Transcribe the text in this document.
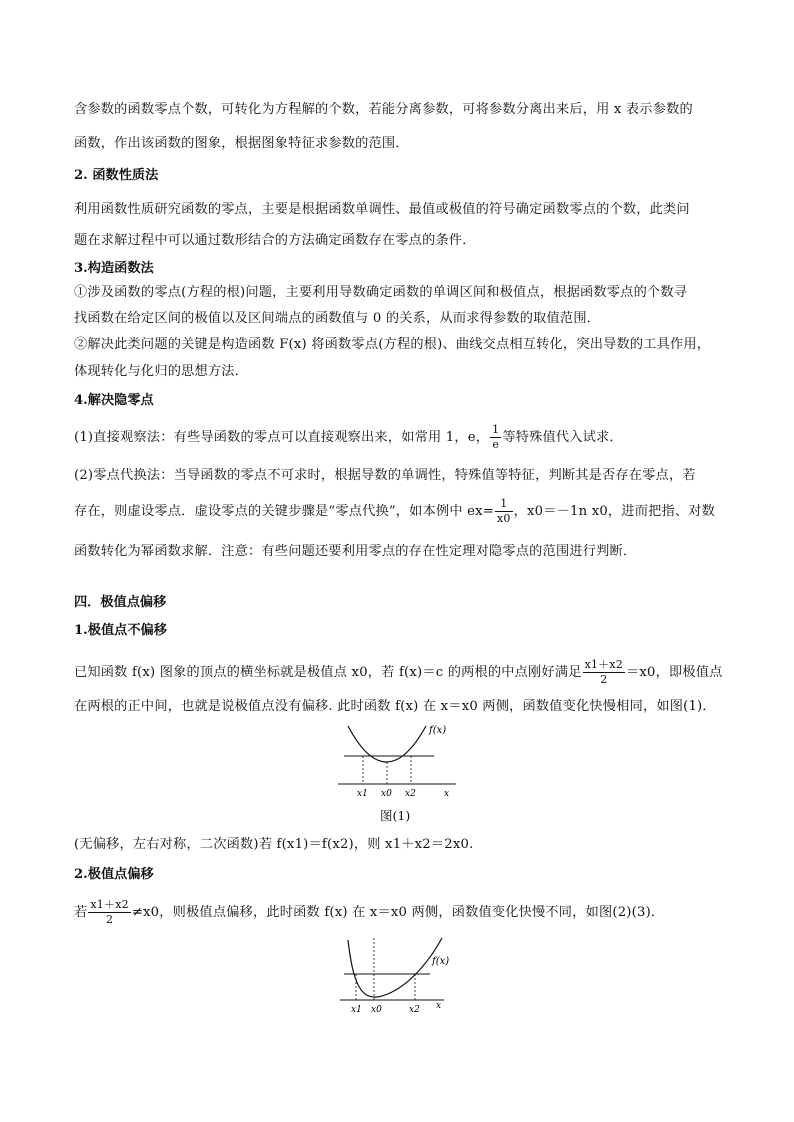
含参数的函数零点个数，可转化为方程解的个数，若能分离参数，可将参数分离出来后，用 x 表示参数的
函数，作出该函数的图象，根据图象特征求参数的范围．
2. 函数性质法
利用函数性质研究函数的零点，主要是根据函数单调性、最值或极值的符号确定函数零点的个数，此类问
题在求解过程中可以通过数形结合的方法确定函数存在零点的条件．
3.构造函数法
①涉及函数的零点(方程的根)问题，主要利用导数确定函数的单调区间和极值点，根据函数零点的个数寻
找函数在给定区间的极值以及区间端点的函数值与 0 的关系，从而求得参数的取值范围．
②解决此类问题的关键是构造函数 F(x) 将函数零点(方程的根)、曲线交点相互转化，突出导数的工具作用，
体现转化与化归的思想方法．
4.解决隐零点
(1)直接观察法：有些导函数的零点可以直接观察出来，如常用 1，e， $\frac{1}{e}$ 等特殊值代入试求．
(2)零点代换法：当导函数的零点不可求时，根据导数的单调性，特殊值等特征，判断其是否存在零点，若
存在，则虚设零点．虚设零点的关键步骤是“零点代换”，如本例中 $ex= \frac{1}{x0}$ ，x0＝－1n x0，进而把指、对数
函数转化为幂函数求解．注意：有些问题还要利用零点的存在性定理对隐零点的范围进行判断．
四．极值点偏移
1.极值点不偏移
已知函数 f(x) 图象的顶点的横坐标就是极值点 x0，若 f(x)＝c 的两根的中点刚好满足 $\frac{x1+x2}{2} =x0$，即极值点
在两根的正中间，也就是说极值点没有偏移. 此时函数 f(x) 在 x＝x0 两侧，函数值变化快慢相同，如图(1)．
f(x)
x1 x0 x2	x
图(1)
(无偏移，左右对称，二次函数)若 f(x1)＝f(x2)，则 x1＋x2＝2x0.
2.极值点偏移
若 $\frac{x1+x2}{2} \ne x0$，则极值点偏移，此时函数 f(x) 在 x＝x0 两侧，函数值变化快慢不同，如图(2)(3)．
f(x)
x1 x0	x2 x
